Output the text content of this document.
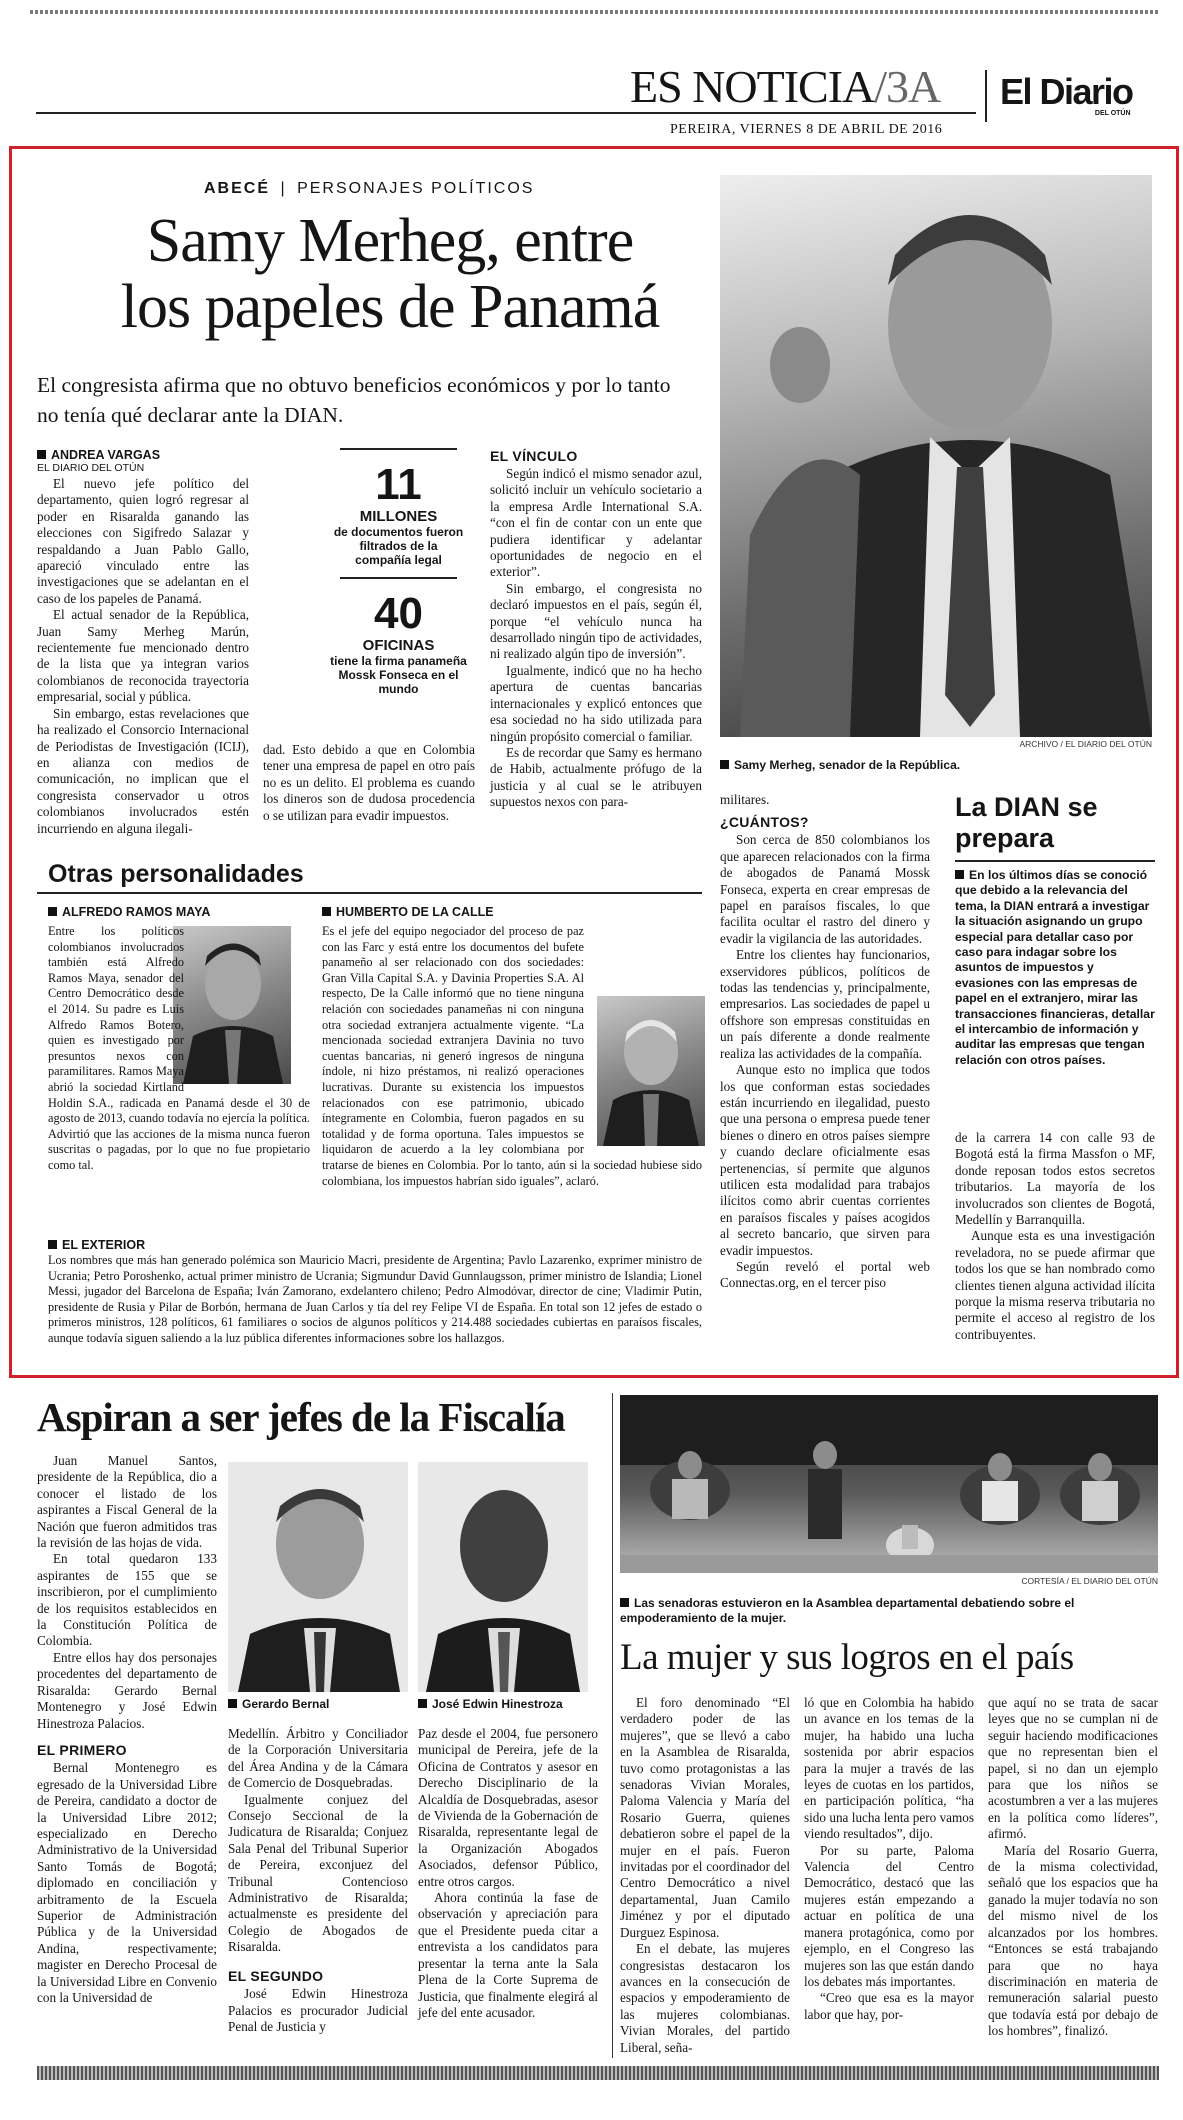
ES NOTICIA/3A El Diario
DEL OTÚN
PEREIRA, VIERNES 8 DE ABRIL DE 2016
ABECÉ | PERSONAJES POLÍTICOS
Samy Merheg, entre
los papeles de Panamá
El congresista afirma que no obtuvo beneficios económicos y por lo tanto no tenía qué declarar ante la DIAN.
ANDREA VARGAS
EL DIARIO DEL OTÚN

El nuevo jefe político del departamento, quien logró regresar al poder en Risaralda ganando las elecciones con Sigifredo Salazar y respaldando a Juan Pablo Gallo, apareció vinculado entre las investigaciones que se adelantan en el caso de los papeles de Panamá.

El actual senador de la República, Juan Samy Merheg Marún, recientemente fue mencionado dentro de la lista que ya integran varios colombianos de reconocida trayectoria empresarial, social y pública.

Sin embargo, estas revelaciones que ha realizado el Consorcio Internacional de Periodistas de Investigación (ICIJ), en alianza con medios de comunicación, no implican que el congresista conservador u otros colombianos involucrados estén incurriendo en alguna ilegali-

11
MILLONES
de documentos fueron filtrados de la compañía legal
40
OFICINAS
tiene la firma panameña Mossk Fonseca en el mundo
dad. Esto debido a que en Colombia tener una empresa de papel en otro país no es un delito. El problema es cuando los dineros son de dudosa procedencia o se utilizan para evadir impuestos.
EL VÍNCULO

Según indicó el mismo senador azul, solicitó incluir un vehículo societario a la empresa Ardle International S.A. “con el fin de contar con un ente que pudiera identificar y adelantar oportunidades de negocio en el exterior”.

Sin embargo, el congresista no declaró impuestos en el país, según él, porque “el vehículo nunca ha desarrollado ningún tipo de actividades, ni realizado algún tipo de inversión”.

Igualmente, indicó que no ha hecho apertura de cuentas bancarias internacionales y explicó entonces que esa sociedad no ha sido utilizada para ningún propósito comercial o familiar.

Es de recordar que Samy es hermano de Habib, actualmente prófugo de la justicia y al cual se le atribuyen supuestos nexos con para-

ARCHIVO / EL DIARIO DEL OTÚN
Samy Merheg, senador de la República.

militares.

¿CUÁNTOS?

Son cerca de 850 colombianos los que aparecen relacionados con la firma de abogados de Panamá Mossk Fonseca, experta en crear empresas de papel en paraísos fiscales, lo que facilita ocultar el rastro del dinero y evadir la vigilancia de las autoridades.

Entre los clientes hay funcionarios, exservidores públicos, políticos de todas las tendencias y, principalmente, empresarios. Las sociedades de papel u offshore son empresas constituidas en un país diferente a donde realmente realiza las actividades de la compañía.

Aunque esto no implica que todos los que conforman estas sociedades están incurriendo en ilegalidad, puesto que una persona o empresa puede tener bienes o dinero en otros países siempre y cuando declare oficialmente esas pertenencias, sí permite que algunos utilicen esta modalidad para trabajos ilícitos como abrir cuentas corrientes en paraísos fiscales y países acogidos al secreto bancario, que sirven para evadir impuestos.

Según reveló el portal web Connectas.org, en el tercer piso

La DIAN se
prepara
En los últimos días se conoció que debido a la relevancia del tema, la DIAN entrará a investigar la situación asignando un grupo especial para detallar caso por caso para indagar sobre los asuntos de impuestos y evasiones con las empresas de papel en el extranjero, mirar las transacciones financieras, detallar el intercambio de información y auditar las empresas que tengan relación con otros países.

de la carrera 14 con calle 93 de Bogotá está la firma Massfon o MF, donde reposan todos estos secretos tributarios. La mayoría de los involucrados son clientes de Bogotá, Medellín y Barranquilla.

Aunque esta es una investigación reveladora, no se puede afirmar que todos los que se han nombrado como clientes tienen alguna actividad ilícita porque la misma reserva tributaria no permite el acceso al registro de los contribuyentes.

Otras personalidades
ALFREDO RAMOS MAYA
Entre los políticos colombianos involucrados también está Alfredo Ramos Maya, senador del Centro Democrático desde el 2014. Su padre es Luis Alfredo Ramos Botero, quien es investigado por presuntos nexos con paramilitares. Ramos Maya abrió la sociedad Kirtland Holdin S.A., radicada en Panamá desde el 30 de agosto de 2013, cuando todavía no ejercía la política. Advirtió que las acciones de la misma nunca fueron suscritas o pagadas, por lo que no fue propietario como tal.
HUMBERTO DE LA CALLE
Es el jefe del equipo negociador del proceso de paz con las Farc y está entre los documentos del bufete panameño al ser relacionado con dos sociedades: Gran Villa Capital S.A. y Davinia Properties S.A. Al respecto, De la Calle informó que no tiene ninguna relación con sociedades panameñas ni con ninguna otra sociedad extranjera actualmente vigente. “La mencionada sociedad extranjera Davinia no tuvo cuentas bancarias, ni generó ingresos de ninguna índole, ni hizo préstamos, ni realizó operaciones lucrativas. Durante su existencia los impuestos relacionados con ese patrimonio, ubicado íntegramente en Colombia, fueron pagados en su totalidad y de forma oportuna. Tales impuestos se liquidaron de acuerdo a la ley colombiana por tratarse de bienes en Colombia. Por lo tanto, aún si la sociedad hubiese sido colombiana, los impuestos habrían sido iguales”, aclaró.
EL EXTERIOR
Los nombres que más han generado polémica son Mauricio Macri, presidente de Argentina; Pavlo Lazarenko, exprimer ministro de Ucrania; Petro Poroshenko, actual primer ministro de Ucrania; Sigmundur David Gunnlaugsson, primer ministro de Islandia; Lionel Messi, jugador del Barcelona de España; Iván Zamorano, exdelantero chileno; Pedro Almodóvar, director de cine; Vladimir Putin, presidente de Rusia y Pilar de Borbón, hermana de Juan Carlos y tía del rey Felipe VI de España. En total son 12 jefes de estado o primeros ministros, 128 políticos, 61 familiares o socios de algunos políticos y 214.488 sociedades cubiertas en paraísos fiscales, aunque todavía siguen saliendo a la luz pública diferentes informaciones sobre los hallazgos.
Aspiran a ser jefes de la Fiscalía

Juan Manuel Santos, presidente de la República, dio a conocer el listado de los aspirantes a Fiscal General de la Nación que fueron admitidos tras la revisión de las hojas de vida.

En total quedaron 133 aspirantes de 155 que se inscribieron, por el cumplimiento de los requisitos establecidos en la Constitución Política de Colombia.

Entre ellos hay dos personajes procedentes del departamento de Risaralda: Gerardo Bernal Montenegro y José Edwin Hinestroza Palacios.

EL PRIMERO

Bernal Montenegro es egresado de la Universidad Libre de Pereira, candidato a doctor de la Universidad Libre 2012; especializado en Derecho Administrativo de la Universidad Santo Tomás de Bogotá; diplomado en conciliación y arbitramento de la Escuela Superior de Administración Pública y de la Universidad Andina, respectivamente; magister en Derecho Procesal de la Universidad Libre en Convenio con la Universidad de

Gerardo Bernal	José Edwin Hinestroza

Medellín. Árbitro y Conciliador de la Corporación Universitaria del Área Andina y de la Cámara de Comercio de Dosquebradas.

Igualmente conjuez del Consejo Seccional de la Judicatura de Risaralda; Conjuez Sala Penal del Tribunal Superior de Pereira, exconjuez del Tribunal Contencioso Administrativo de Risaralda; actualmenste es presidente del Colegio de Abogados de Risaralda.

EL SEGUNDO

José Edwin Hinestroza Palacios es procurador Judicial Penal de Justicia y

Paz desde el 2004, fue personero municipal de Pereira, jefe de la Oficina de Contratos y asesor en Derecho Disciplinario de la Alcaldía de Dosquebradas, asesor de Vivienda de la Gobernación de Risaralda, representante legal de la Organización Abogados Asociados, defensor Público, entre otros cargos.

Ahora continúa la fase de observación y apreciación para que el Presidente pueda citar a entrevista a los candidatos para presentar la terna ante la Sala Plena de la Corte Suprema de Justicia, que finalmente elegirá al jefe del ente acusador.

CORTESÍA / EL DIARIO DEL OTÚN
Las senadoras estuvieron en la Asamblea departamental debatiendo sobre el empoderamiento de la mujer.
La mujer y sus logros en el país

El foro denominado “El verdadero poder de las mujeres”, que se llevó a cabo en la Asamblea de Risaralda, tuvo como protagonistas a las senadoras Vivian Morales, Paloma Valencia y María del Rosario Guerra, quienes debatieron sobre el papel de la mujer en el país. Fueron invitadas por el coordinador del Centro Democrático a nivel departamental, Juan Camilo Jiménez y por el diputado Durguez Espinosa.

En el debate, las mujeres congresistas destacaron los avances en la consecución de espacios y empoderamiento de las mujeres colombianas. Vivian Morales, del partido Liberal, seña-

ló que en Colombia ha habido un avance en los temas de la mujer, ha habido una lucha sostenida por abrir espacios para la mujer a través de las leyes de cuotas en los partidos, en participación política, “ha sido una lucha lenta pero vamos viendo resultados”, dijo.

Por su parte, Paloma Valencia del Centro Democrático, destacó que las mujeres están empezando a actuar en política de una manera protagónica, como por ejemplo, en el Congreso las mujeres son las que están dando los debates más importantes.

“Creo que esa es la mayor labor que hay, por-

que aquí no se trata de sacar leyes que no se cumplan ni de seguir haciendo modificaciones que no representan bien el papel, si no dan un ejemplo para que los niños se acostumbren a ver a las mujeres en la política como líderes”, afirmó.

María del Rosario Guerra, de la misma colectividad, señaló que los espacios que ha ganado la mujer todavía no son del mismo nivel de los alcanzados por los hombres. “Entonces se está trabajando para que no haya discriminación en materia de remuneración salarial puesto que todavía está por debajo de los hombres”, finalizó.
